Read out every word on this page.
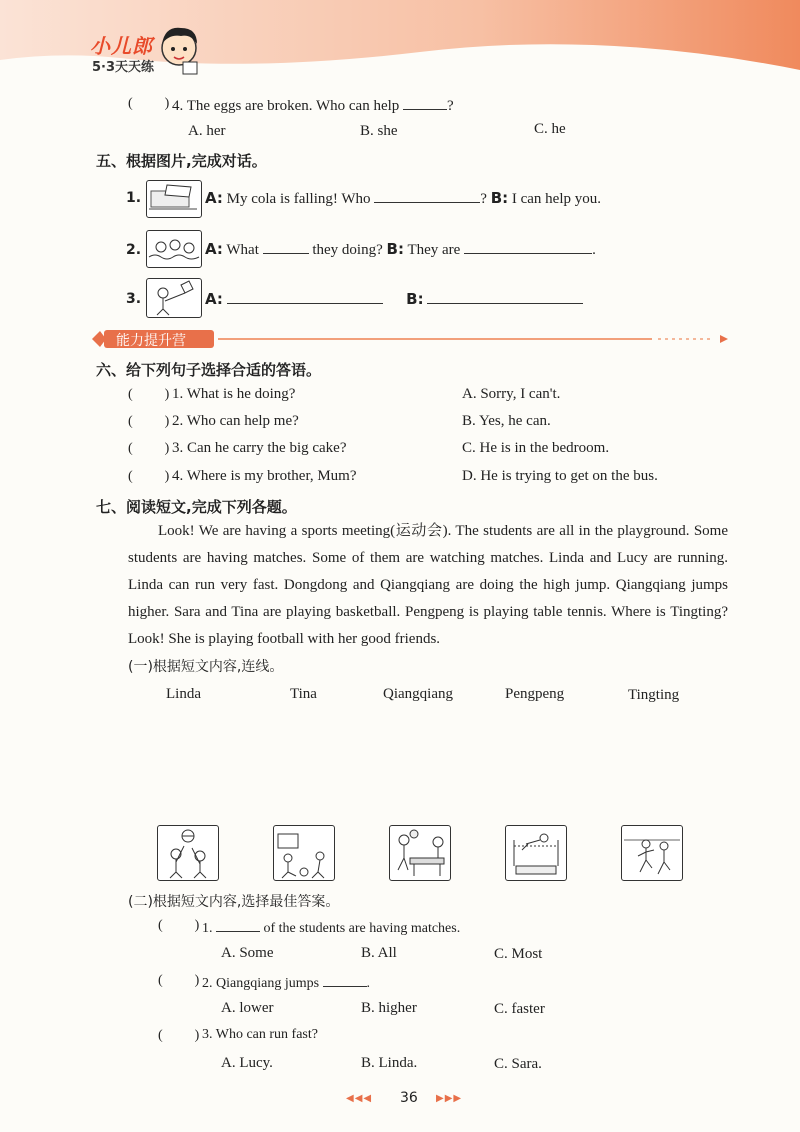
小儿郎
5·3天天练
( ) 4. The eggs are broken. Who can help	?
A. her	B. she	C. he
五、根据图片,完成对话。
1.	A: My cola is falling! Who	? B: I can help you.
2.	A: What	they doing? B: They are	.
3.	A:	B:
能力提升营
六、给下列句子选择合适的答语。
( ) 1. What is he doing?	A. Sorry, I can't.
( ) 2. Who can help me?	B. Yes, he can.
( ) 3. Can he carry the big cake?	C. He is in the bedroom.
( ) 4. Where is my brother, Mum?	D. He is trying to get on the bus.
七、阅读短文,完成下列各题。

Look! We are having a sports meeting(运动会). The students are all in the playground. Some students are having matches. Some of them are watching matches. Linda and Lucy are running. Linda can run very fast. Dongdong and Qiangqiang are doing the high jump. Qiangqiang jumps higher. Sara and Tina are playing basketball. Pengpeng is playing table tennis. Where is Tingting? Look! She is playing football with her good friends.

(一)根据短文内容,连线。
Linda	Tina	Qiangqiang	Pengpeng	Tingting
(二)根据短文内容,选择最佳答案。
( ) 1.	of the students are having matches.
A. Some	B. All	C. Most
( ) 2. Qiangqiang jumps	.
A. lower	B. higher	C. faster
( ) 3. Who can run fast?
A. Lucy.	B. Linda.	C. Sara.
◀◀◀ 36 ▶▶▶
